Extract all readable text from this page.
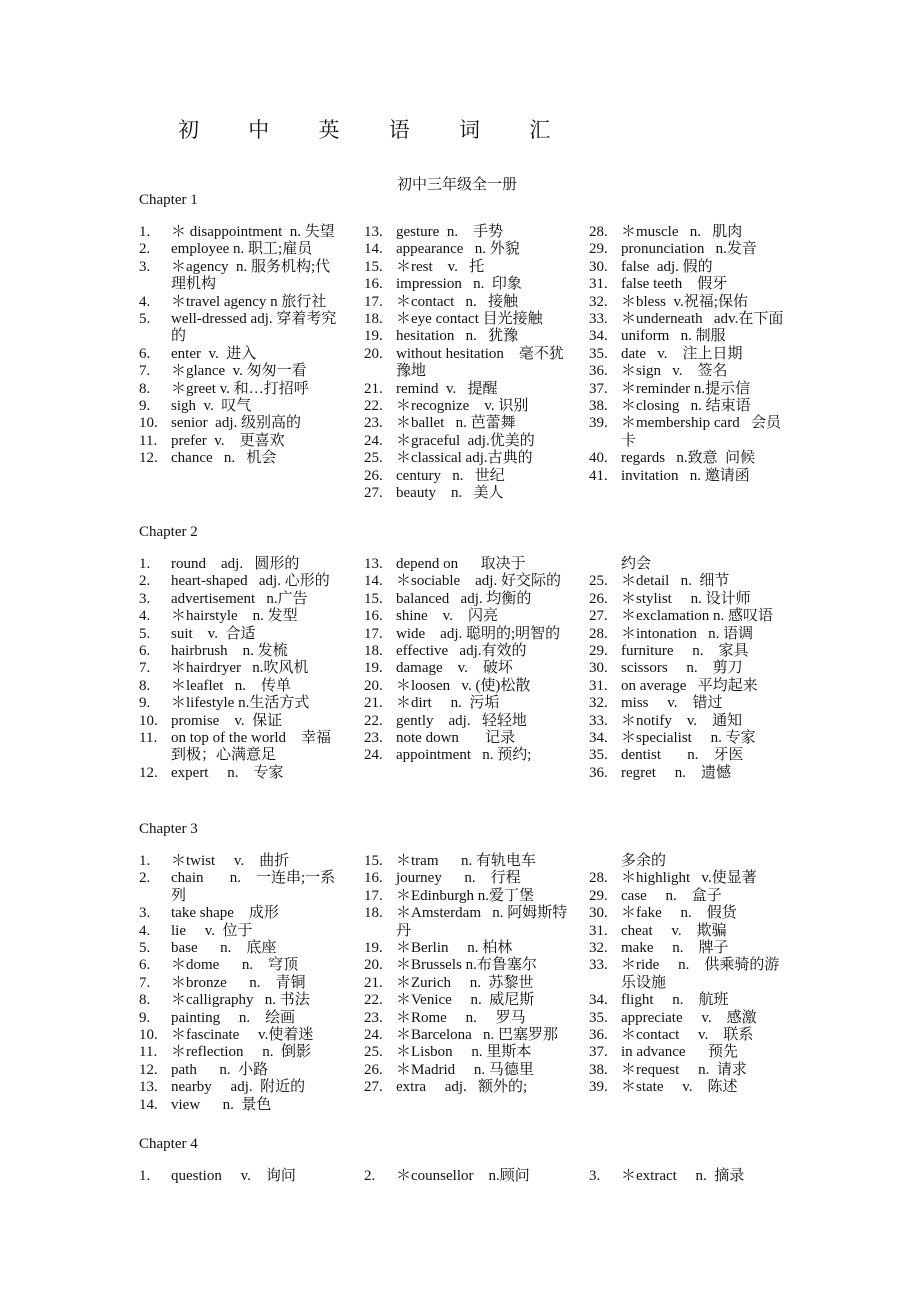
初 中 英 语 词 汇
初中三年级全一册
Chapter 1
1.	＊ disappointment  n. 失望
2.	employee n. 职工;雇员
3.	＊agency  n. 服务机构;代理机构
4.	＊travel agency n 旅行社
5.	well-dressed adj. 穿着考究的
6.	enter  v.  进入
7.	＊glance  v. 匆匆一看
8.	＊greet v. 和…打招呼
9.	sigh  v.  叹气
10. senior  adj. 级别高的
11. prefer  v.    更喜欢
12. chance   n.   机会
13. gesture  n.    手势
14. appearance   n. 外貌
15. ＊rest    v.   托
16. impression   n.  印象
17. ＊contact   n.   接触
18. ＊eye contact 目光接触
19. hesitation   n.   犹豫
20. without hesitation    毫不犹豫地
21. remind  v.   提醒
22. ＊recognize    v. 识别
23. ＊ballet   n. 芭蕾舞
24. ＊graceful  adj.优美的
25. ＊classical adj.古典的
26. century   n.   世纪
27. beauty    n.   美人
28. ＊muscle   n.   肌肉
29. pronunciation   n.发音
30. false  adj. 假的
31. false teeth    假牙
32. ＊bless  v.祝福;保佑
33. ＊underneath   adv.在下面
34. uniform   n. 制服
35. date   v.    注上日期
36. ＊sign   v.    签名
37. ＊reminder n.提示信
38. ＊closing   n. 结束语
39. ＊membership card   会员卡
40. regards   n.致意  问候
41. invitation   n. 邀请函
Chapter 2
1.	round    adj.   圆形的
2.	heart-shaped   adj. 心形的
3.	advertisement   n.广告
4.	＊hairstyle    n. 发型
5.	suit    v.  合适
6.	hairbrush    n. 发梳
7.	＊hairdryer   n.吹风机
8.	＊leaflet   n.    传单
9.	＊lifestyle n.生活方式
10. promise    v.  保证
11. on top of the world    幸福到极；心满意足
12. expert     n.    专家
13. depend on      取决于
14. ＊sociable    adj. 好交际的
15. balanced   adj. 均衡的
16. shine    v.    闪亮
17. wide    adj. 聪明的;明智的
18. effective   adj.有效的
19. damage    v.    破坏
20. ＊loosen   v. (使)松散
21. ＊dirt     n.  污垢
22. gently    adj.   轻轻地
23. note down       记录
24. appointment   n. 预约;
约会
25. ＊detail   n.  细节
26. ＊stylist     n. 设计师
27. ＊exclamation n. 感叹语
28. ＊intonation   n. 语调
29. furniture     n.    家具
30. scissors     n.    剪刀
31. on average   平均起来
32. miss     v.    错过
33. ＊notify    v.    通知
34. ＊specialist     n. 专家
35. dentist       n.    牙医
36. regret     n.    遗憾
Chapter 3
1.	＊twist     v.    曲折
2.	chain       n.    一连串;一系列
3.	take shape    成形
4.	lie     v.  位于
5.	base      n.    底座
6.	＊dome      n.    穹顶
7.	＊bronze      n.    青铜
8.	＊calligraphy   n. 书法
9.	painting     n.    绘画
10. ＊fascinate     v.使着迷
11. ＊reflection     n.  倒影
12. path      n.  小路
13. nearby     adj.  附近的
14. view      n.  景色
15. ＊tram      n. 有轨电车
16. journey      n.    行程
17. ＊Edinburgh n.爱丁堡
18. ＊Amsterdam   n. 阿姆斯特丹
19. ＊Berlin     n. 柏林
20. ＊Brussels n.布鲁塞尔
21. ＊Zurich     n.  苏黎世
22. ＊Venice     n.  威尼斯
23. ＊Rome     n.     罗马
24. ＊Barcelona   n. 巴塞罗那
25. ＊Lisbon     n. 里斯本
26. ＊Madrid     n. 马德里
27. extra     adj.   额外的;
多余的
28. ＊highlight   v.使显著
29. case     n.    盒子
30. ＊fake     n.    假货
31. cheat     v.    欺骗
32. make     n.    牌子
33. ＊ride     n.    供乘骑的游乐设施
34. flight     n.    航班
35. appreciate     v.    感激
36. ＊contact     v.    联系
37. in advance      预先
38. ＊request     n.  请求
39. ＊state     v.    陈述
Chapter 4
1.	question     v.    询问	2.	＊counsellor    n.顾问	3.	＊extract     n.  摘录
